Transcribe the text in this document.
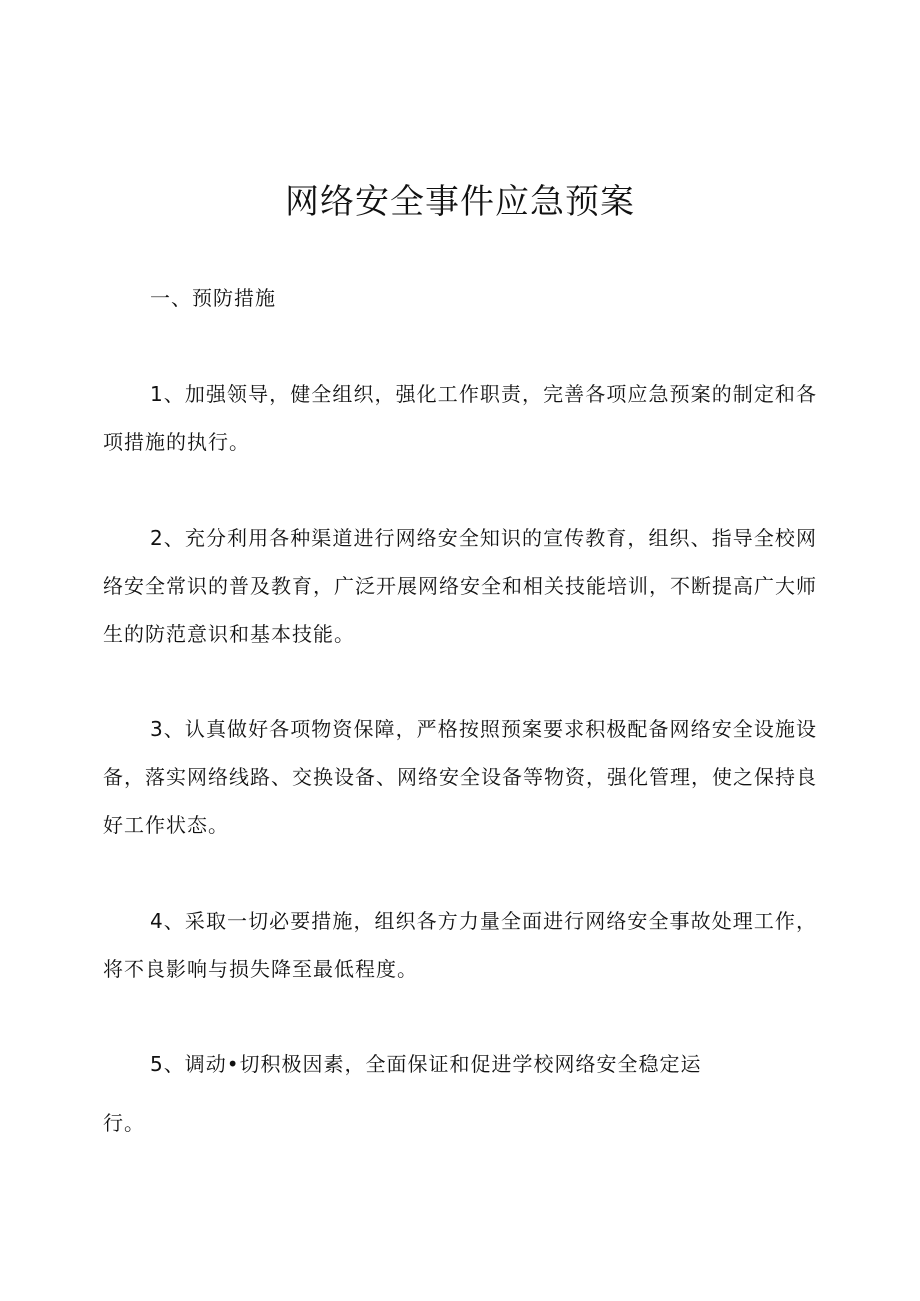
网络安全事件应急预案
一、预防措施
1、加强领导，健全组织，强化工作职责，完善各项应急预案的制定和各项措施的执行。
2、充分利用各种渠道进行网络安全知识的宣传教育，组织、指导全校网络安全常识的普及教育，广泛开展网络安全和相关技能培训，不断提高广大师生的防范意识和基本技能。
3、认真做好各项物资保障，严格按照预案要求积极配备网络安全设施设备，落实网络线路、交换设备、网络安全设备等物资，强化管理，使之保持良好工作状态。
4、采取一切必要措施，组织各方力量全面进行网络安全事故处理工作，将不良影响与损失降至最低程度。
5、调动•切积极因素，全面保证和促进学校网络安全稳定运
行。
